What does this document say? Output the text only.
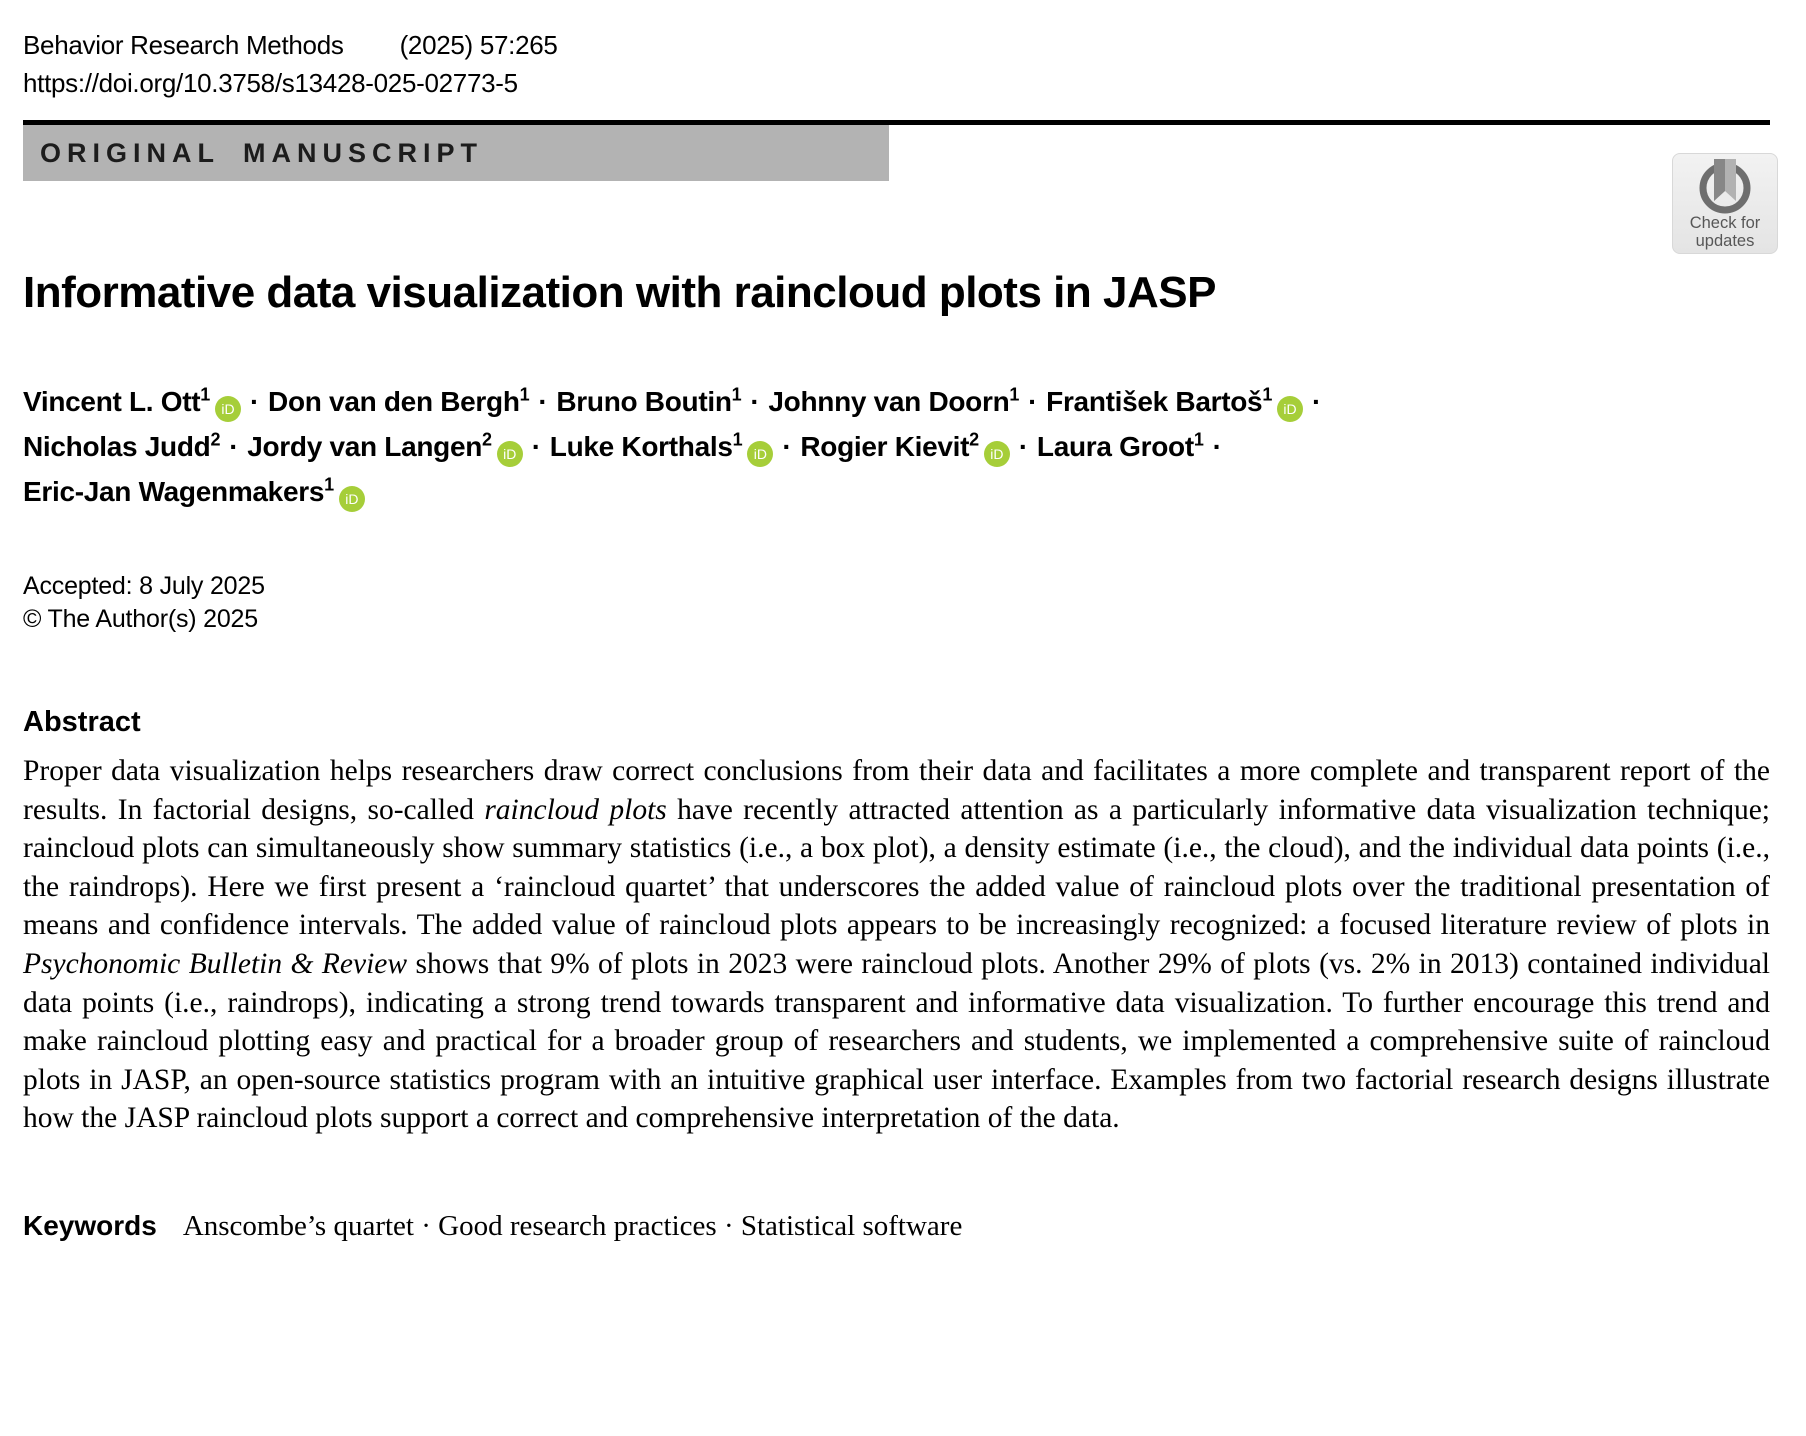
Behavior Research Methods (2025) 57:265
https://doi.org/10.3758/s13428-025-02773-5
ORIGINAL MANUSCRIPT
Check for
updates
Informative data visualization with raincloud plots in JASP
Vincent L. Ott$^1$iD · Don van den Bergh$^1$ · Bruno Boutin$^1$ · Johnny van Doorn$^1$ · František Bartoš$^1$iD ·
Nicholas Judd$^2$ · Jordy van Langen$^2$iD · Luke Korthals$^1$iD · Rogier Kievit$^2$iD · Laura Groot$^1$ ·
Eric-Jan Wagenmakers$^1$iD
Accepted: 8 July 2025
© The Author(s) 2025
Abstract

Proper data visualization helps researchers draw correct conclusions from their data and facilitates a more complete and transparent report of the results. In factorial designs, so-called raincloud plots have recently attracted attention as a particularly informative data visualization technique; raincloud plots can simultaneously show summary statistics (i.e., a box plot), a density estimate (i.e., the cloud), and the individual data points (i.e., the raindrops). Here we first present a ‘raincloud quartet’ that underscores the added value of raincloud plots over the traditional presentation of means and confidence intervals. The added value of raincloud plots appears to be increasingly recognized: a focused literature review of plots in Psychonomic Bulletin & Review shows that 9% of plots in 2023 were raincloud plots. Another 29% of plots (vs. 2% in 2013) contained individual data points (i.e., raindrops), indicating a strong trend towards transparent and informative data visualization. To further encourage this trend and make raincloud plotting easy and practical for a broader group of researchers and students, we implemented a comprehensive suite of raincloud plots in JASP, an open-source statistics program with an intuitive graphical user interface. Examples from two factorial research designs illustrate how the JASP raincloud plots support a correct and comprehensive interpretation of the data.

Keywords Anscombe’s quartet · Good research practices · Statistical software
